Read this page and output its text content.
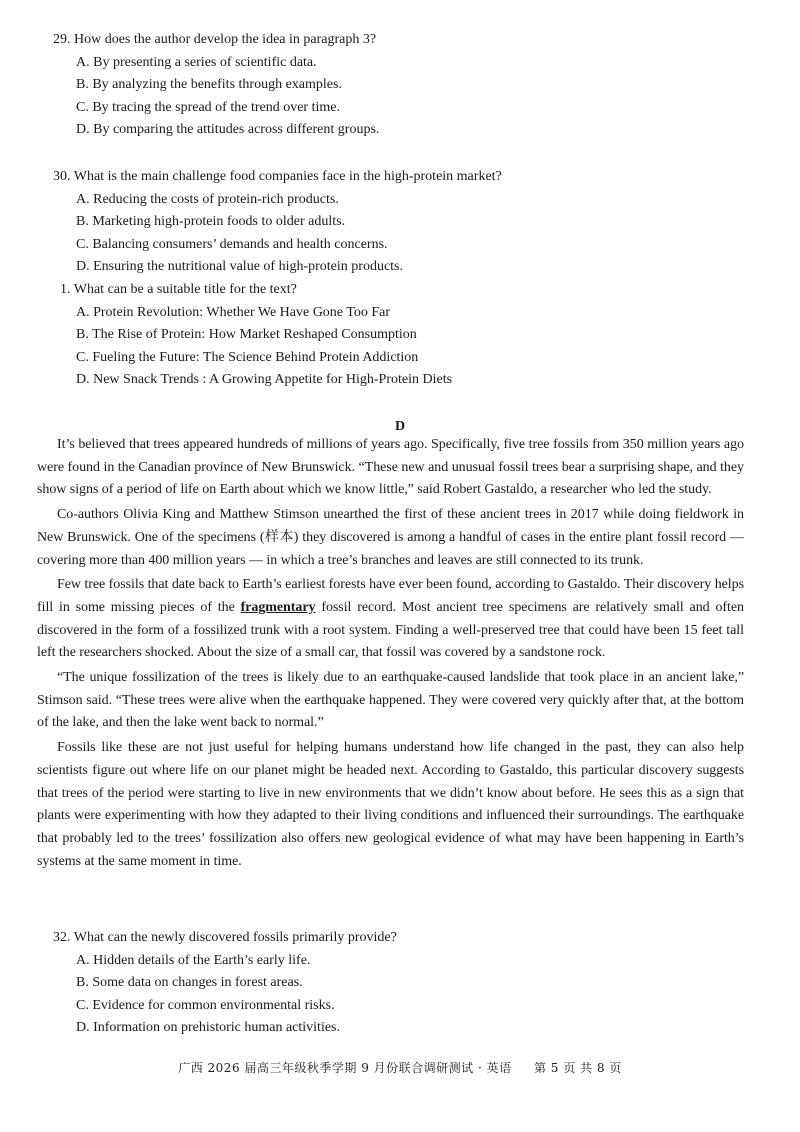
29. How does the author develop the idea in paragraph 3?
A. By presenting a series of scientific data.
B. By analyzing the benefits through examples.
C. By tracing the spread of the trend over time.
D. By comparing the attitudes across different groups.
30. What is the main challenge food companies face in the high-protein market?
A. Reducing the costs of protein-rich products.
B. Marketing high-protein foods to older adults.
C. Balancing consumers’ demands and health concerns.
D. Ensuring the nutritional value of high-protein products.
1. What can be a suitable title for the text?
A. Protein Revolution: Whether We Have Gone Too Far
B. The Rise of Protein: How Market Reshaped Consumption
C. Fueling the Future: The Science Behind Protein Addiction
D. New Snack Trends : A Growing Appetite for High-Protein Diets
D

It’s believed that trees appeared hundreds of millions of years ago. Specifically, five tree fossils from 350 million years ago were found in the Canadian province of New Brunswick. “These new and unusual fossil trees bear a surprising shape, and they show signs of a period of life on Earth about which we know little,” said Robert Gastaldo, a researcher who led the study.

Co-authors Olivia King and Matthew Stimson unearthed the first of these ancient trees in 2017 while doing fieldwork in New Brunswick. One of the specimens (样本) they discovered is among a handful of cases in the entire plant fossil record — covering more than 400 million years — in which a tree’s branches and leaves are still connected to its trunk.

Few tree fossils that date back to Earth’s earliest forests have ever been found, according to Gastaldo. Their discovery helps fill in some missing pieces of the fragmentary fossil record. Most ancient tree specimens are relatively small and often discovered in the form of a fossilized trunk with a root system. Finding a well-preserved tree that could have been 15 feet tall left the researchers shocked. About the size of a small car, that fossil was covered by a sandstone rock.

“The unique fossilization of the trees is likely due to an earthquake-caused landslide that took place in an ancient lake,” Stimson said. “These trees were alive when the earthquake happened. They were covered very quickly after that, at the bottom of the lake, and then the lake went back to normal.”

Fossils like these are not just useful for helping humans understand how life changed in the past, they can also help scientists figure out where life on our planet might be headed next. According to Gastaldo, this particular discovery suggests that trees of the period were starting to live in new environments that we didn’t know about before. He sees this as a sign that plants were experimenting with how they adapted to their living conditions and influenced their surroundings. The earthquake that probably led to the trees’ fossilization also offers new geological evidence of what may have been happening in Earth’s systems at the same moment in time.

32. What can the newly discovered fossils primarily provide?
A. Hidden details of the Earth’s early life.
B. Some data on changes in forest areas.
C. Evidence for common environmental risks.
D. Information on prehistoric human activities.
广西 2026 届高三年级秋季学期 9 月份联合调研测试 · 英语 第 5 页 共 8 页
